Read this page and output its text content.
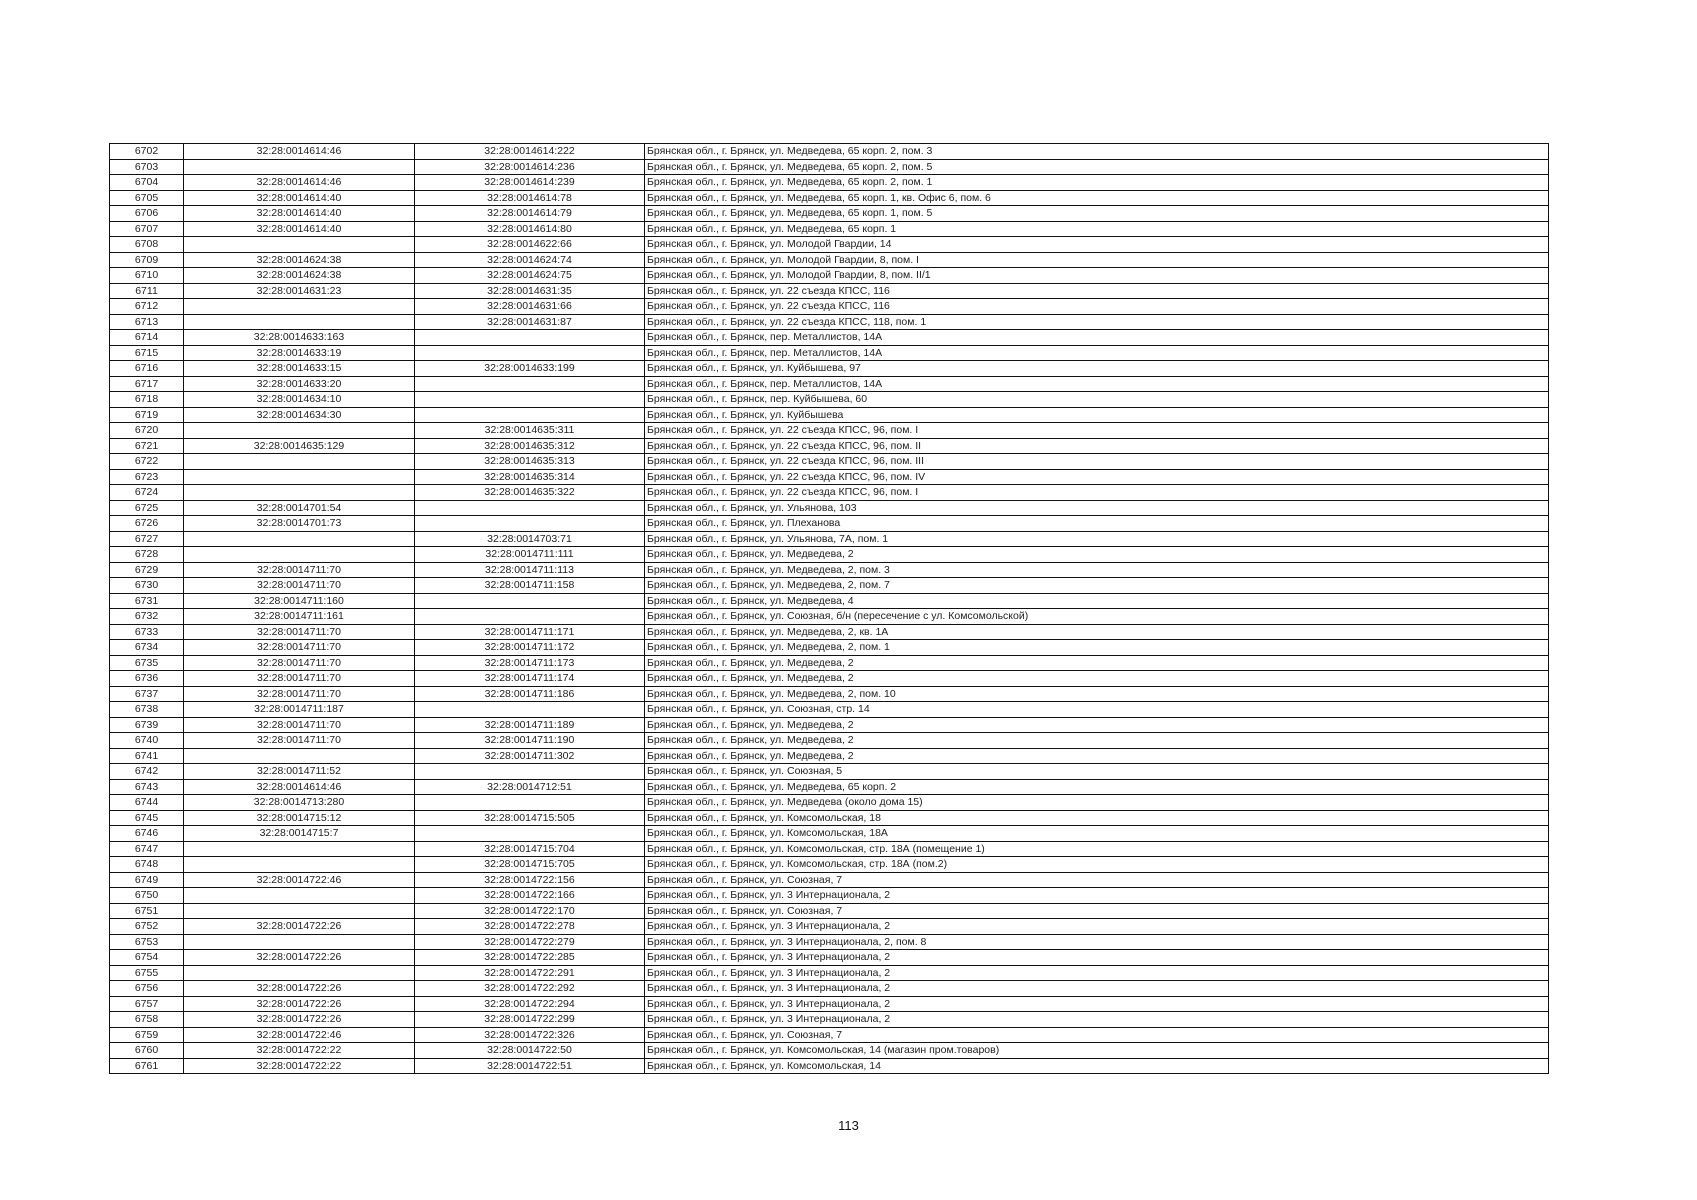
6702	32:28:0014614:46	32:28:0014614:222	Брянская обл., г. Брянск, ул. Медведева, 65 корп. 2, пом. 3
6703		32:28:0014614:236	Брянская обл., г. Брянск, ул. Медведева, 65 корп. 2, пом. 5
6704	32:28:0014614:46	32:28:0014614:239	Брянская обл., г. Брянск, ул. Медведева, 65 корп. 2, пом. 1
6705	32:28:0014614:40	32:28:0014614:78	Брянская обл., г. Брянск, ул. Медведева, 65 корп. 1, кв. Офис 6, пом. 6
6706	32:28:0014614:40	32:28:0014614:79	Брянская обл., г. Брянск, ул. Медведева, 65 корп. 1, пом. 5
6707	32:28:0014614:40	32:28:0014614:80	Брянская обл., г. Брянск, ул. Медведева, 65 корп. 1
6708		32:28:0014622:66	Брянская обл., г. Брянск, ул. Молодой Гвардии, 14
6709	32:28:0014624:38	32:28:0014624:74	Брянская обл., г. Брянск, ул. Молодой Гвардии, 8, пом. I
6710	32:28:0014624:38	32:28:0014624:75	Брянская обл., г. Брянск, ул. Молодой Гвардии, 8, пом. II/1
6711	32:28:0014631:23	32:28:0014631:35	Брянская обл., г. Брянск, ул. 22 съезда КПСС, 116
6712		32:28:0014631:66	Брянская обл., г. Брянск, ул. 22 съезда КПСС, 116
6713		32:28:0014631:87	Брянская обл., г. Брянск, ул. 22 съезда КПСС, 118, пом. 1
6714	32:28:0014633:163		Брянская обл., г. Брянск, пер. Металлистов, 14А
6715	32:28:0014633:19		Брянская обл., г. Брянск, пер. Металлистов, 14А
6716	32:28:0014633:15	32:28:0014633:199	Брянская обл., г. Брянск, ул. Куйбышева, 97
6717	32:28:0014633:20		Брянская обл., г. Брянск, пер. Металлистов, 14А
6718	32:28:0014634:10		Брянская обл., г. Брянск, пер. Куйбышева, 60
6719	32:28:0014634:30		Брянская обл., г. Брянск, ул. Куйбышева
6720		32:28:0014635:311	Брянская обл., г. Брянск, ул. 22 съезда КПСС, 96, пом. I
6721	32:28:0014635:129	32:28:0014635:312	Брянская обл., г. Брянск, ул. 22 съезда КПСС, 96, пом. II
6722		32:28:0014635:313	Брянская обл., г. Брянск, ул. 22 съезда КПСС, 96, пом. III
6723		32:28:0014635:314	Брянская обл., г. Брянск, ул. 22 съезда КПСС, 96, пом. IV
6724		32:28:0014635:322	Брянская обл., г. Брянск, ул. 22 съезда КПСС, 96, пом. I
6725	32:28:0014701:54		Брянская обл., г. Брянск, ул. Ульянова, 103
6726	32:28:0014701:73		Брянская обл., г. Брянск, ул. Плеханова
6727		32:28:0014703:71	Брянская обл., г. Брянск, ул. Ульянова, 7А, пом. 1
6728		32:28:0014711:111	Брянская обл., г. Брянск, ул. Медведева, 2
6729	32:28:0014711:70	32:28:0014711:113	Брянская обл., г. Брянск, ул. Медведева, 2, пом. 3
6730	32:28:0014711:70	32:28:0014711:158	Брянская обл., г. Брянск, ул. Медведева, 2, пом. 7
6731	32:28:0014711:160		Брянская обл., г. Брянск, ул. Медведева, 4
6732	32:28:0014711:161		Брянская обл., г. Брянск, ул. Союзная, б/н (пересечение с ул. Комсомольской)
6733	32:28:0014711:70	32:28:0014711:171	Брянская обл., г. Брянск, ул. Медведева, 2, кв. 1А
6734	32:28:0014711:70	32:28:0014711:172	Брянская обл., г. Брянск, ул. Медведева, 2, пом. 1
6735	32:28:0014711:70	32:28:0014711:173	Брянская обл., г. Брянск, ул. Медведева, 2
6736	32:28:0014711:70	32:28:0014711:174	Брянская обл., г. Брянск, ул. Медведева, 2
6737	32:28:0014711:70	32:28:0014711:186	Брянская обл., г. Брянск, ул. Медведева, 2, пом. 10
6738	32:28:0014711:187		Брянская обл., г. Брянск, ул. Союзная, стр. 14
6739	32:28:0014711:70	32:28:0014711:189	Брянская обл., г. Брянск, ул. Медведева, 2
6740	32:28:0014711:70	32:28:0014711:190	Брянская обл., г. Брянск, ул. Медведева, 2
6741		32:28:0014711:302	Брянская обл., г. Брянск, ул. Медведева, 2
6742	32:28:0014711:52		Брянская обл., г. Брянск, ул. Союзная, 5
6743	32:28:0014614:46	32:28:0014712:51	Брянская обл., г. Брянск, ул. Медведева, 65 корп. 2
6744	32:28:0014713:280		Брянская обл., г. Брянск, ул. Медведева (около дома 15)
6745	32:28:0014715:12	32:28:0014715:505	Брянская обл., г. Брянск, ул. Комсомольская, 18
6746	32:28:0014715:7		Брянская обл., г. Брянск, ул. Комсомольская, 18А
6747		32:28:0014715:704	Брянская обл., г. Брянск, ул. Комсомольская, стр. 18А (помещение 1)
6748		32:28:0014715:705	Брянская обл., г. Брянск, ул. Комсомольская, стр. 18А (пом.2)
6749	32:28:0014722:46	32:28:0014722:156	Брянская обл., г. Брянск, ул. Союзная, 7
6750		32:28:0014722:166	Брянская обл., г. Брянск, ул. 3 Интернационала, 2
6751		32:28:0014722:170	Брянская обл., г. Брянск, ул. Союзная, 7
6752	32:28:0014722:26	32:28:0014722:278	Брянская обл., г. Брянск, ул. 3 Интернационала, 2
6753		32:28:0014722:279	Брянская обл., г. Брянск, ул. 3 Интернационала, 2, пом. 8
6754	32:28:0014722:26	32:28:0014722:285	Брянская обл., г. Брянск, ул. 3 Интернационала, 2
6755		32:28:0014722:291	Брянская обл., г. Брянск, ул. 3 Интернационала, 2
6756	32:28:0014722:26	32:28:0014722:292	Брянская обл., г. Брянск, ул. 3 Интернационала, 2
6757	32:28:0014722:26	32:28:0014722:294	Брянская обл., г. Брянск, ул. 3 Интернационала, 2
6758	32:28:0014722:26	32:28:0014722:299	Брянская обл., г. Брянск, ул. 3 Интернационала, 2
6759	32:28:0014722:46	32:28:0014722:326	Брянская обл., г. Брянск, ул. Союзная, 7
6760	32:28:0014722:22	32:28:0014722:50	Брянская обл., г. Брянск, ул. Комсомольская, 14 (магазин пром.товаров)
6761	32:28:0014722:22	32:28:0014722:51	Брянская обл., г. Брянск, ул. Комсомольская, 14
113
